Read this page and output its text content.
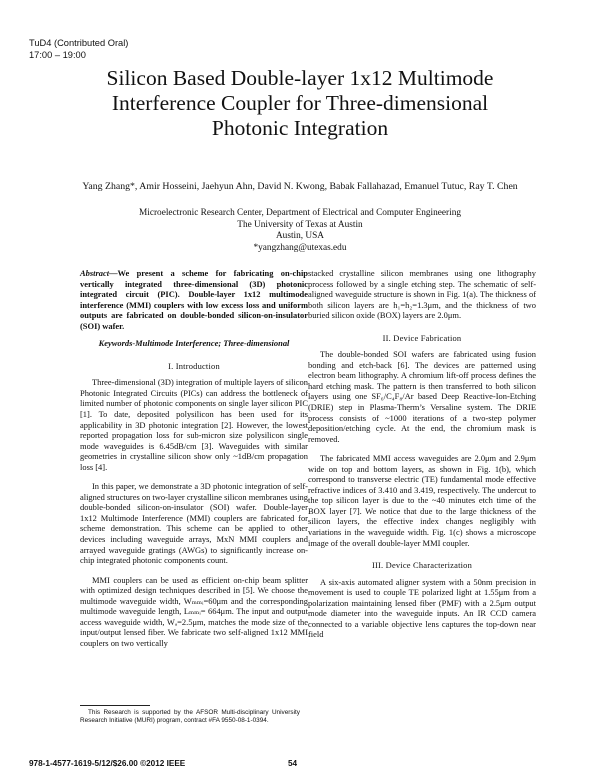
TuD4 (Contributed Oral)
17:00 – 19:00
Silicon Based Double-layer 1x12 Multimode
Interference Coupler for Three-dimensional
Photonic Integration
Yang Zhang*, Amir Hosseini, Jaehyun Ahn, David N. Kwong, Babak Fallahazad, Emanuel Tutuc, Ray T. Chen
Microelectronic Research Center, Department of Electrical and Computer Engineering
The University of Texas at Austin
Austin, USA
*yangzhang@utexas.edu

Abstract—We present a scheme for fabricating on-chip vertically integrated three-dimensional (3D) photonic integrated circuit (PIC). Double-layer 1x12 multimode interference (MMI) couplers with low excess loss and uniform outputs are fabricated on double-bonded silicon-on-insulator (SOI) wafer.

Keywords-Multimode Interference; Three-dimensional

I. Introduction

Three-dimensional (3D) integration of multiple layers of silicon Photonic Integrated Circuits (PICs) can address the bottleneck of limited number of photonic components on single layer silicon PIC [1]. To date, deposited polysilicon has been used for its applicability in 3D photonic integration [2]. However, the lowest reported propagation loss for sub-micron size polysilicon single mode waveguides is 6.45dB/cm [3]. Waveguides with similar geometries in crystalline silicon show only ~1dB/cm propagation loss [4].

In this paper, we demonstrate a 3D photonic integration of self-aligned structures on two-layer crystalline silicon membranes using double-bonded silicon-on-insulator (SOI) wafer. Double-layer 1x12 Multimode Interference (MMI) couplers are fabricated for scheme demonstration. This scheme can be applied to other devices including waveguide arrays, MxN MMI couplers and arrayed waveguide gratings (AWGs) to significantly increase on-chip integrated photonic components count.

MMI couplers can be used as efficient on-chip beam splitter with optimized design techniques described in [5]. We choose the multimode waveguide width, Wₘₘᵢ=60μm and the corresponding multimode waveguide length, Lₘₘᵢ= 664μm. The input and output access waveguide width, Wₐ=2.5μm, matches the mode size of the input/output lensed fiber. We fabricate two self-aligned 1x12 MMI couplers on two vertically

stacked crystalline silicon membranes using one lithography process followed by a single etching step. The schematic of self-aligned waveguide structure is shown in Fig. 1(a). The thickness of both silicon layers are h₁=h₂=1.3μm, and the thickness of two buried silicon oxide (BOX) layers are 2.0μm.

II. Device Fabrication

The double-bonded SOI wafers are fabricated using fusion bonding and etch-back [6]. The devices are patterned using electron beam lithography. A chromium lift-off process defines the hard etching mask. The pattern is then transferred to both silicon layers using one SF₆/C₄F₈/Ar based Deep Reactive-Ion-Etching (DRIE) step in Plasma-Therm’s Versaline system. The DRIE process consists of ~1000 iterations of a two-step polymer deposition/etching cycle. At the end, the chromium mask is removed.

The fabricated MMI access waveguides are 2.0μm and 2.9μm wide on top and bottom layers, as shown in Fig. 1(b), which correspond to transverse electric (TE) fundamental mode effective refractive indices of 3.410 and 3.419, respectively. The undercut to the top silicon layer is due to the ~40 minutes etch time of the BOX layer [7]. We notice that due to the large thickness of the silicon layers, the effective index changes negligibly with variations in the waveguide width. Fig. 1(c) shows a microscope image of the overall double-layer MMI coupler.

III. Device Characterization

A six-axis automated aligner system with a 50nm precision in movement is used to couple TE polarized light at 1.55μm from a polarization maintaining lensed fiber (PMF) with a 2.5μm output mode diameter into the waveguide inputs. An IR CCD camera connected to a variable objective lens captures the top-down near field

This Research is supported by the AFSOR Multi-disciplinary University Research Initiative (MURI) program, contract #FA 9550-08-1-0394.
978-1-4577-1619-5/12/$26.00 ©2012 IEEE	54
